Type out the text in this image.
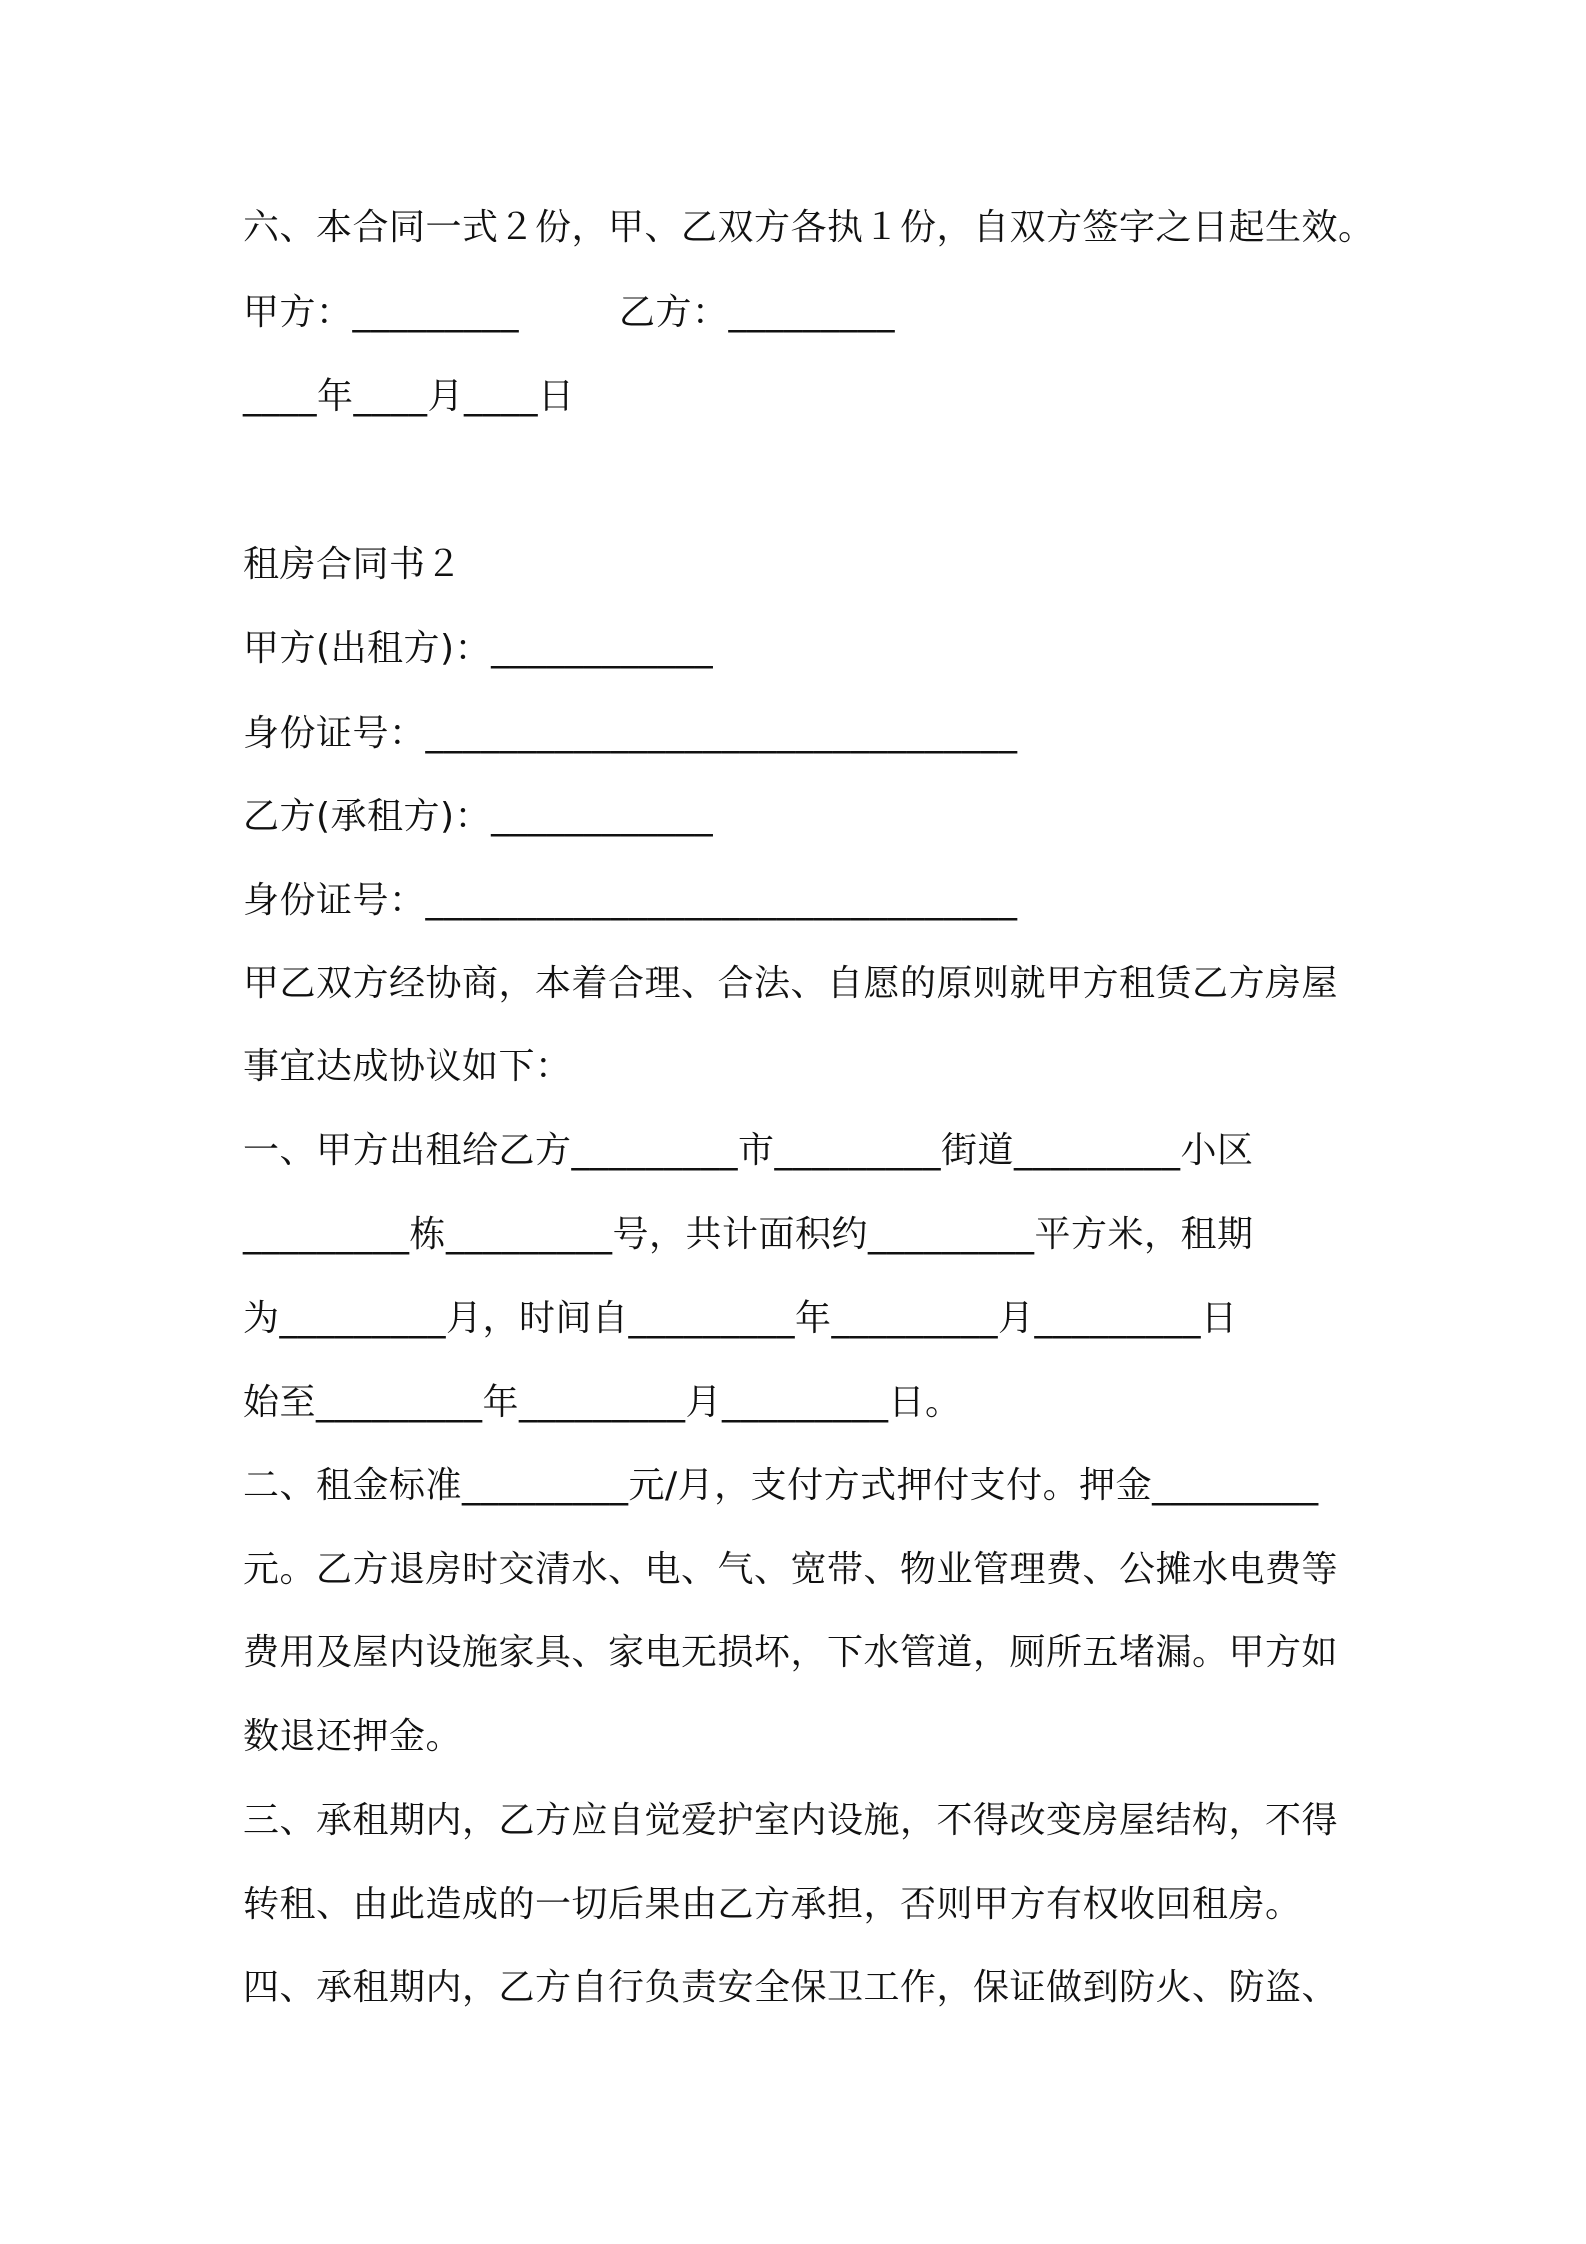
六、本合同一式２份，甲、乙双方各执１份，自双方签字之日起生效。
甲方：_________	乙方：_________
____年____月____日
租房合同书２
甲方(出租方)：____________
身份证号：________________________________
乙方(承租方)：____________
身份证号：________________________________
甲乙双方经协商，本着合理、合法、自愿的原则就甲方租赁乙方房屋
事宜达成协议如下：
一、甲方出租给乙方_________市_________街道_________小区
_________栋_________号，共计面积约_________平方米，租期
为_________月，时间自_________年_________月_________日
始至_________年_________月_________日。
二、租金标准_________元/月，支付方式押付支付。押金_________
元。乙方退房时交清水、电、气、宽带、物业管理费、公摊水电费等
费用及屋内设施家具、家电无损坏，下水管道，厕所五堵漏。甲方如
数退还押金。
三、承租期内，乙方应自觉爱护室内设施，不得改变房屋结构，不得
转租、由此造成的一切后果由乙方承担，否则甲方有权收回租房。
四、承租期内，乙方自行负责安全保卫工作，保证做到防火、防盗、
